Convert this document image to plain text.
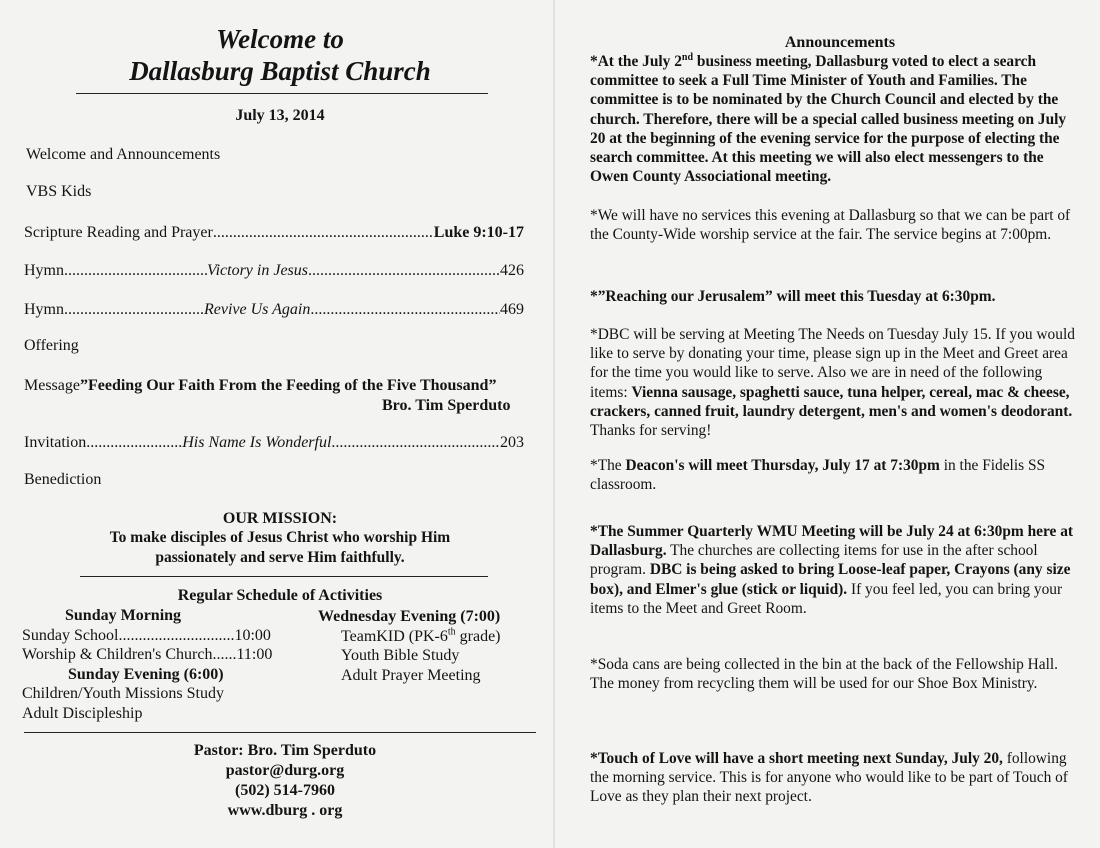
Welcome to
Dallasburg Baptist Church
July 13, 2014
Welcome and Announcements
VBS Kids
Scripture Reading and Prayer .....	Luke 9:10-17
Hymn .....	Victory in Jesus .....	426
Hymn .....	Revive Us Again .....	469
Offering
Message”Feeding Our Faith From the Feeding of the Five Thousand”
Bro. Tim Sperduto
Invitation .....	His Name Is Wonderful .....	203
Benediction
OUR MISSION:
To make disciples of Jesus Christ who worship Him
passionately and serve Him faithfully.
Regular Schedule of Activities
Sunday Morning
Sunday School.............................10:00
Worship & Children's Church......11:00
Sunday Evening (6:00)
Children/Youth Missions Study
Adult Discipleship
Wednesday Evening (7:00)
TeamKID (PK-6th grade)
Youth Bible Study
Adult Prayer Meeting
Pastor: Bro. Tim Sperduto
pastor@durg.org
(502) 514-7960
www.dburg . org
Announcements

*At the July 2nd business meeting, Dallasburg voted to elect a search committee to seek a Full Time Minister of Youth and Families. The committee is to be nominated by the Church Council and elected by the church. Therefore, there will be a special called business meeting on July 20 at the beginning of the evening service for the purpose of electing the search committee. At this meeting we will also elect messengers to the Owen County Associational meeting.

*We will have no services this evening at Dallasburg so that we can be part of the County-Wide worship service at the fair. The service begins at 7:00pm.

*”Reaching our Jerusalem” will meet this Tuesday at 6:30pm.

*DBC will be serving at Meeting The Needs on Tuesday July 15. If you would like to serve by donating your time, please sign up in the Meet and Greet area for the time you would like to serve. Also we are in need of the following items: Vienna sausage, spaghetti sauce, tuna helper, cereal, mac & cheese, crackers, canned fruit, laundry detergent, men's and women's deodorant. Thanks for serving!

*The Deacon's will meet Thursday, July 17 at 7:30pm in the Fidelis SS classroom.

*The Summer Quarterly WMU Meeting will be July 24 at 6:30pm here at Dallasburg. The churches are collecting items for use in the after school program. DBC is being asked to bring Loose-leaf paper, Crayons (any size box), and Elmer's glue (stick or liquid). If you feel led, you can bring your items to the Meet and Greet Room.

*Soda cans are being collected in the bin at the back of the Fellowship Hall. The money from recycling them will be used for our Shoe Box Ministry.

*Touch of Love will have a short meeting next Sunday, July 20, following the morning service. This is for anyone who would like to be part of Touch of Love as they plan their next project.
